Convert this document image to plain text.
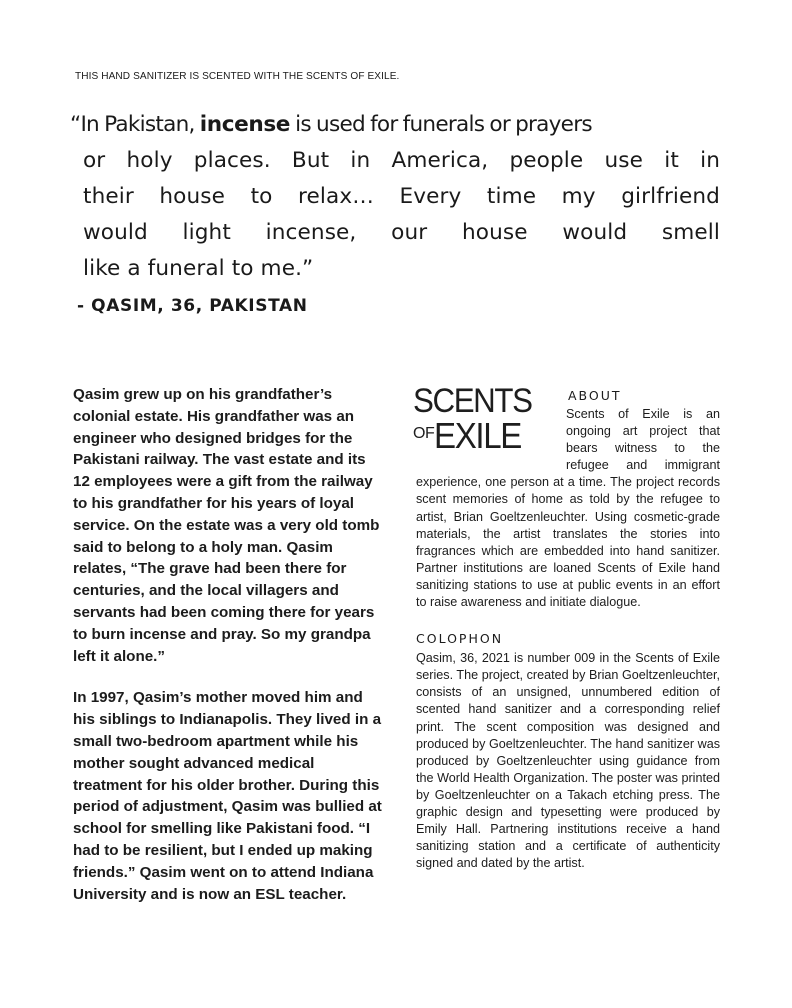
THIS HAND SANITIZER IS SCENTED WITH THE SCENTS OF EXILE.
“In Pakistan, incense is used for funerals or prayers
or holy places. But in America, people use it in
their house to relax… Every time my girlfriend
would light incense, our house would smell
like a funeral to me.”
- QASIM, 36, PAKISTAN

Qasim grew up on his grandfather’s colonial estate. His grandfather was an engineer who designed bridges for the Pakistani railway. The vast estate and its 12 employees were a gift from the railway to his grandfather for his years of loyal service. On the estate was a very old tomb said to belong to a holy man. Qasim relates, “The grave had been there for centuries, and the local villagers and servants had been coming there for years to burn incense and pray. So my grandpa left it alone.”

In 1997, Qasim’s mother moved him and his siblings to Indianapolis. They lived in a small two-bedroom apartment while his mother sought advanced medical treatment for his older brother. During this period of adjustment, Qasim was bullied at school for smelling like Pakistani food. “I had to be resilient, but I ended up making friends.” Qasim went on to attend Indiana University and is now an ESL teacher.

SCENTS
OFEXILE
ABOUT

Scents of Exile is an ongoing art project that bears witness to the refugee and immigrant experience, one person at a time. The project records scent memories of home as told by the refugee to artist, Brian Goeltzenleuchter. Using cosmetic-grade materials, the artist translates the stories into fragrances which are embedded into hand sanitizer. Partner institutions are loaned Scents of Exile hand sanitizing stations to use at public events in an effort to raise awareness and initiate dialogue.

COLOPHON

Qasim, 36, 2021 is number 009 in the Scents of Exile series. The project, created by Brian Goeltzenleuchter, consists of an unsigned, unnumbered edition of scented hand sanitizer and a corresponding relief print. The scent composition was designed and produced by Goeltzenleuchter. The hand sanitizer was produced by Goeltzenleuchter using guidance from the World Health Organization. The poster was printed by Goeltzenleuchter on a Takach etching press. The graphic design and typesetting were produced by Emily Hall. Partnering institutions receive a hand sanitizing station and a certificate of authenticity signed and dated by the artist.
